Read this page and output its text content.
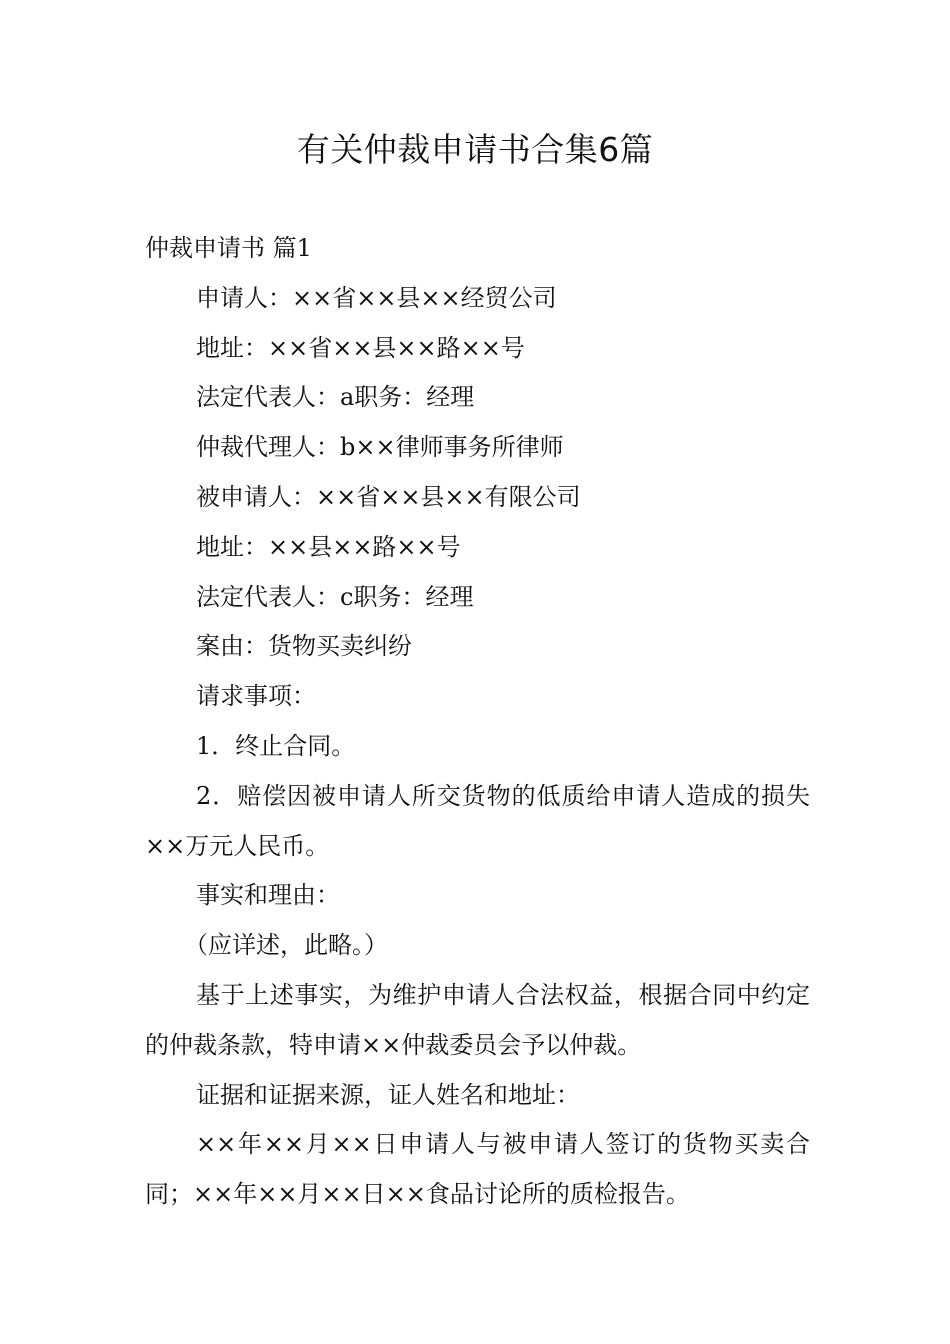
有关仲裁申请书合集6篇

仲裁申请书 篇1

申请人：××省××县××经贸公司

地址：××省××县××路××号

法定代表人：a职务：经理

仲裁代理人：b××律师事务所律师

被申请人：××省××县××有限公司

地址：××县××路××号

法定代表人：c职务：经理

案由：货物买卖纠纷

请求事项：

1．终止合同。

2．赔偿因被申请人所交货物的低质给申请人造成的损失××万元人民币。

事实和理由：

（应详述，此略。）

基于上述事实，为维护申请人合法权益，根据合同中约定的仲裁条款，特申请××仲裁委员会予以仲裁。

证据和证据来源，证人姓名和地址：

××年××月××日申请人与被申请人签订的货物买卖合同；××年××月××日××食品讨论所的质检报告。
